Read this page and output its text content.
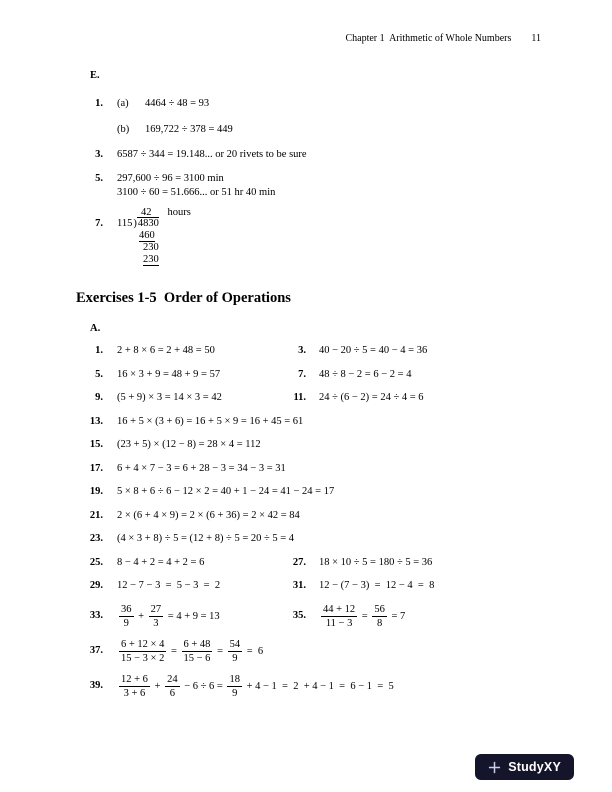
Chapter 1  Arithmetic of Whole Numbers 11
E.
1.	(a)	4464 ÷ 48 = 93
(b)	169,722 ÷ 378 = 449
3.	6587 ÷ 344 = 19.148... or 20 rivets to be sure
5.	297,600 ÷ 96 = 3100 min
3100 ÷ 60 = 51.666... or 51 hr 40 min
7.
42 hours
115)4830
460
230
230
Exercises 1-5  Order of Operations
A.
1.	2 + 8 × 6 = 2 + 48 = 50	3.	40 − 20 ÷ 5 = 40 − 4 = 36
5.	16 × 3 + 9 = 48 + 9 = 57	7.	48 ÷ 8 − 2 = 6 − 2 = 4
9.	(5 + 9) × 3 = 14 × 3 = 42	11.	24 ÷ (6 − 2) = 24 ÷ 4 = 6
13.	16 + 5 × (3 + 6) = 16 + 5 × 9 = 16 + 45 = 61
15.	(23 + 5) × (12 − 8) = 28 × 4 = 112
17.	6 + 4 × 7 − 3 = 6 + 28 − 3 = 34 − 3 = 31
19.	5 × 8 + 6 ÷ 6 − 12 × 2 = 40 + 1 − 24 = 41 − 24 = 17
21.	2 × (6 + 4 × 9) = 2 × (6 + 36) = 2 × 42 = 84
23.	(4 × 3 + 8) ÷ 5 = (12 + 8) ÷ 5 = 20 ÷ 5 = 4
25.	8 − 4 + 2 = 4 + 2 = 6	27.	18 × 10 ÷ 5 = 180 ÷ 5 = 36
29.	12 − 7 − 3  =  5 − 3  =  2	31.	12 − (7 − 3)  =  12 − 4  =  8
33. $\frac{36}{9} + \frac{27}{3} = 4 + 9 = 13$	35. $\frac{44 + 12}{11 - 3} = \frac{56}{8} = 7$
37. $\frac{6 + 12 \times 4}{15 - 3 \times 2} = \frac{6 + 48}{15 - 6} = \frac{54}{9} = 6$
39. $\frac{12 + 6}{3 + 6} + \frac{24}{6} - 6 \div 6 = \frac{18}{9} + 4 - 1 = 2 + 4 - 1 = 6 - 1 = 5$
StudyXY
